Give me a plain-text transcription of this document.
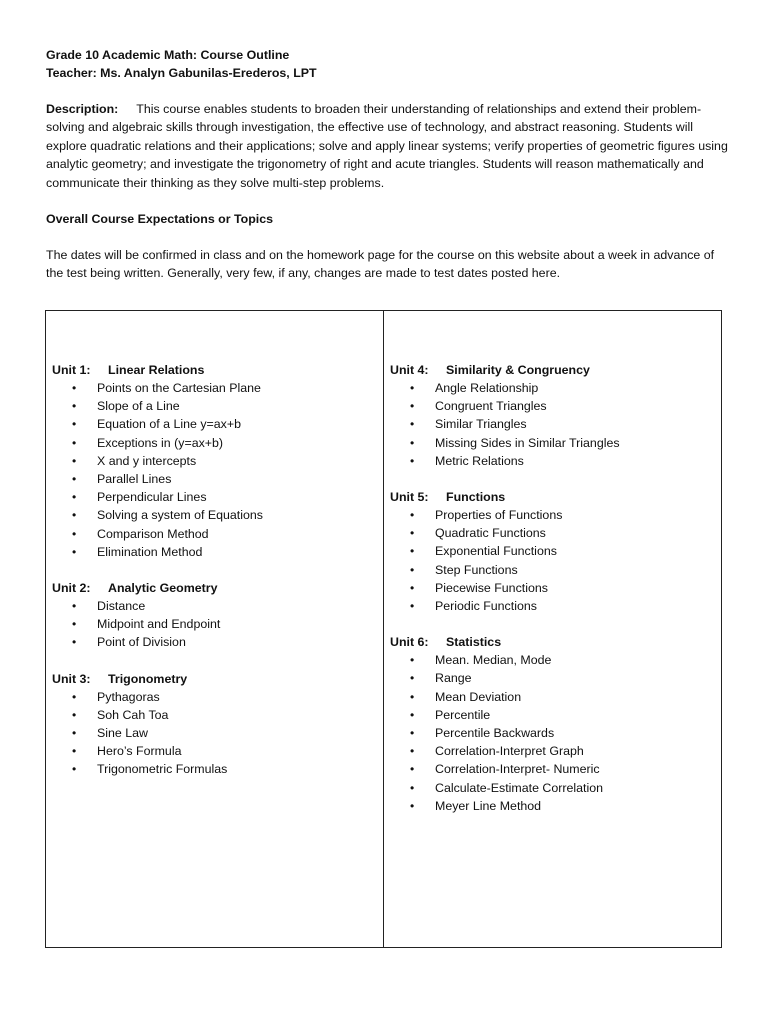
Grade 10 Academic Math: Course Outline
Teacher: Ms. Analyn Gabunilas-Erederos, LPT

Description: This course enables students to broaden their understanding of relationships and extend their problem-solving and algebraic skills through investigation, the effective use of technology, and abstract reasoning. Students will explore quadratic relations and their applications; solve and apply linear systems; verify properties of geometric figures using analytic geometry; and investigate the trigonometry of right and acute triangles. Students will reason mathematically and communicate their thinking as they solve multi-step problems.

Overall Course Expectations or Topics

The dates will be confirmed in class and on the homework page for the course on this website about a week in advance of the test being written. Generally, very few, if any, changes are made to test dates posted here.

Unit 1: Linear Relations
• Points on the Cartesian Plane
• Slope of a Line
• Equation of a Line y=ax+b
• Exceptions in (y=ax+b)
• X and y intercepts
• Parallel Lines
• Perpendicular Lines
• Solving a system of Equations
• Comparison Method
• Elimination Method
Unit 2: Analytic Geometry
• Distance
• Midpoint and Endpoint
• Point of Division
Unit 3: Trigonometry
• Pythagoras
• Soh Cah Toa
• Sine Law
• Hero’s Formula
• Trigonometric Formulas
Unit 4: Similarity & Congruency
• Angle Relationship
• Congruent Triangles
• Similar Triangles
• Missing Sides in Similar Triangles
• Metric Relations
Unit 5: Functions
• Properties of Functions
• Quadratic Functions
• Exponential Functions
• Step Functions
• Piecewise Functions
• Periodic Functions
Unit 6: Statistics
• Mean. Median, Mode
• Range
• Mean Deviation
• Percentile
• Percentile Backwards
• Correlation-Interpret Graph
• Correlation-Interpret- Numeric
• Calculate-Estimate Correlation
• Meyer Line Method
